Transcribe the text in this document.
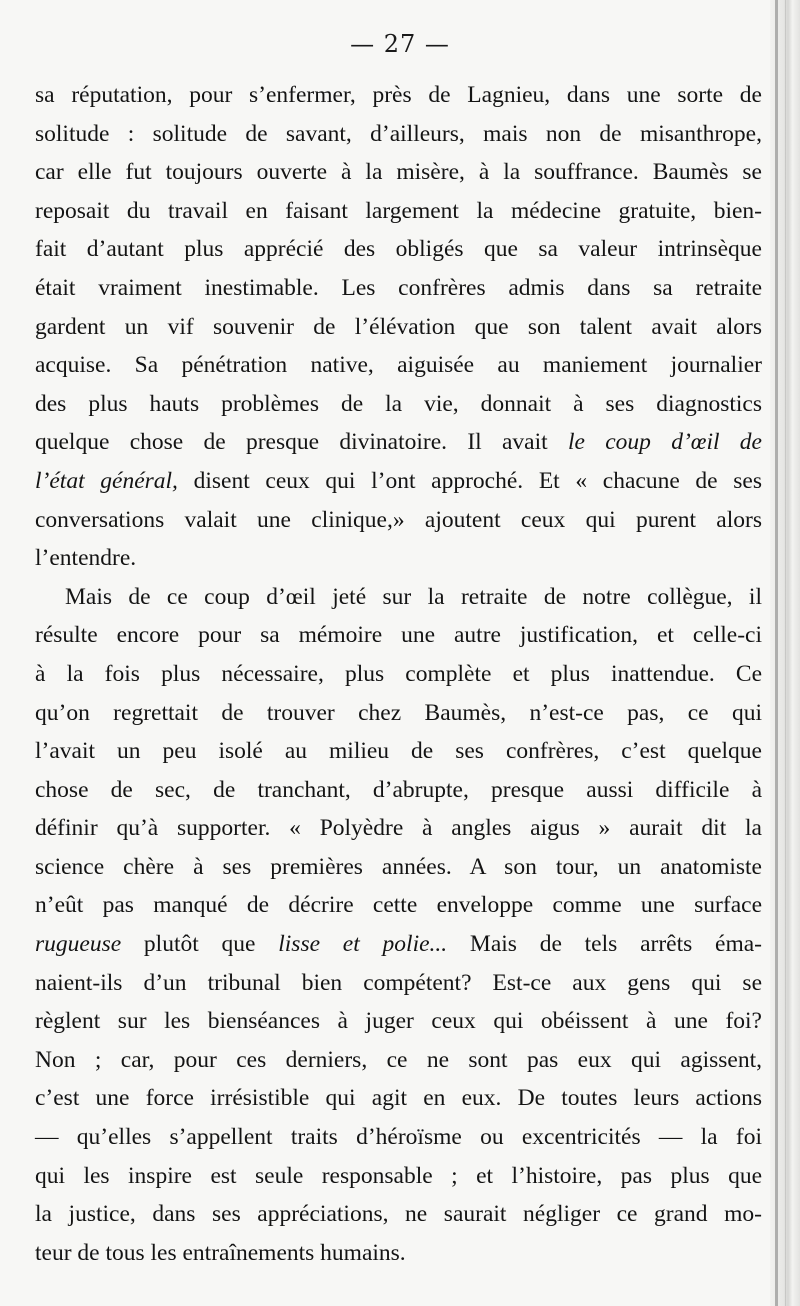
— 27 —

sa réputation, pour s’enfermer, près de Lagnieu, dans une sorte de
solitude : solitude de savant, d’ailleurs, mais non de misanthrope,
car elle fut toujours ouverte à la misère, à la souffrance. Baumès se
reposait du travail en faisant largement la médecine gratuite, bien-
fait d’autant plus apprécié des obligés que sa valeur intrinsèque
était vraiment inestimable. Les confrères admis dans sa retraite
gardent un vif souvenir de l’élévation que son talent avait alors
acquise. Sa pénétration native, aiguisée au maniement journalier
des plus hauts problèmes de la vie, donnait à ses diagnostics
quelque chose de presque divinatoire. Il avait le coup d’œil de
l’état général, disent ceux qui l’ont approché. Et « chacune de ses
conversations valait une clinique,» ajoutent ceux qui purent alors
l’entendre.

Mais de ce coup d’œil jeté sur la retraite de notre collègue, il
résulte encore pour sa mémoire une autre justification, et celle-ci
à la fois plus nécessaire, plus complète et plus inattendue. Ce
qu’on regrettait de trouver chez Baumès, n’est-ce pas, ce qui
l’avait un peu isolé au milieu de ses confrères, c’est quelque
chose de sec, de tranchant, d’abrupte, presque aussi difficile à
définir qu’à supporter. « Polyèdre à angles aigus » aurait dit la
science chère à ses premières années. A son tour, un anatomiste
n’eût pas manqué de décrire cette enveloppe comme une surface
rugueuse plutôt que lisse et polie... Mais de tels arrêts éma-
naient-ils d’un tribunal bien compétent? Est-ce aux gens qui se
règlent sur les bienséances à juger ceux qui obéissent à une foi?
Non ; car, pour ces derniers, ce ne sont pas eux qui agissent,
c’est une force irrésistible qui agit en eux. De toutes leurs actions
— qu’elles s’appellent traits d’héroïsme ou excentricités — la foi
qui les inspire est seule responsable ; et l’histoire, pas plus que
la justice, dans ses appréciations, ne saurait négliger ce grand mo-
teur de tous les entraînements humains.
